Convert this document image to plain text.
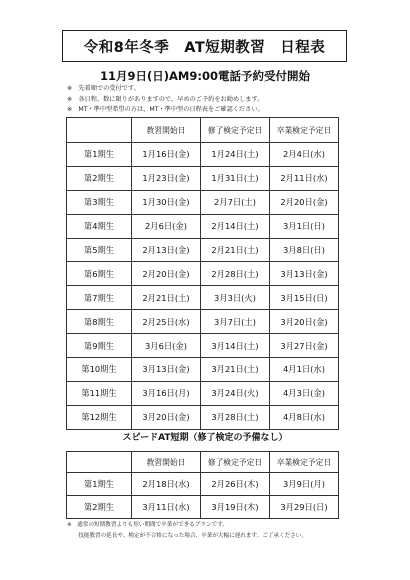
令和8年冬季　AT短期教習　日程表
11月9日(日)AM9:00電話予約受付開始
※　先着順での受付です。
※　各日程、数に限りがありますので、早めのご予約をお勧めします。
※　MT・準中型希望の方は、MT・準中型の日程表をご確認ください。
	教習開始日	修了検定予定日	卒業検定予定日
第1期生	1月16日(金)	1月24日(土)	2月4日(水)
第2期生	1月23日(金)	1月31日(土)	2月11日(水)
第3期生	1月30日(金)	2月7日(土)	2月20日(金)
第4期生	2月6日(金)	2月14日(土)	3月1日(日)
第5期生	2月13日(金)	2月21日(土)	3月8日(日)
第6期生	2月20日(金)	2月28日(土)	3月13日(金)
第7期生	2月21日(土)	3月3日(火)	3月15日(日)
第8期生	2月25日(水)	3月7日(土)	3月20日(金)
第9期生	3月6日(金)	3月14日(土)	3月27日(金)
第10期生	3月13日(金)	3月21日(土)	4月1日(水)
第11期生	3月16日(月)	3月24日(火)	4月3日(金)
第12期生	3月20日(金)	3月28日(土)	4月8日(水)
スピードAT短期（修了検定の予備なし）
	教習開始日	修了検定予定日	卒業検定予定日
第1期生	2月18日(水)	2月26日(木)	3月9日(月)
第2期生	3月11日(水)	3月19日(木)	3月29日(日)
※　通常の短期教習よりも短い期間で卒業ができるプランです。
　　技能教習の延長や、検定が不合格になった場合、卒業が大幅に遅れます。ご了承ください。
